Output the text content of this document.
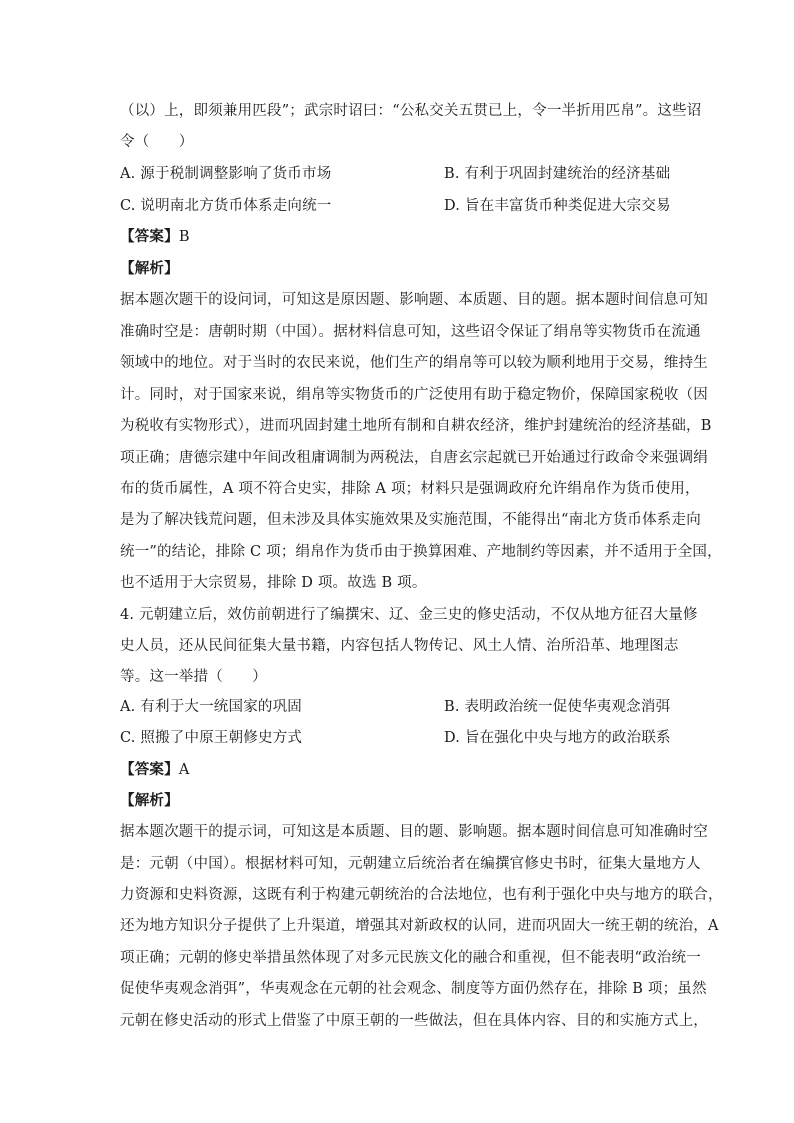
（以）上，即须兼用匹段”；武宗时诏曰：“公私交关五贯已上，令一半折用匹帛”。这些诏
令（　　）
A. 源于税制调整影响了货币市场	B. 有利于巩固封建统治的经济基础
C. 说明南北方货币体系走向统一	D. 旨在丰富货币种类促进大宗交易
【答案】B
【解析】
据本题次题干的设问词，可知这是原因题、影响题、本质题、目的题。据本题时间信息可知
准确时空是：唐朝时期（中国）。据材料信息可知，这些诏令保证了绢帛等实物货币在流通
领域中的地位。对于当时的农民来说，他们生产的绢帛等可以较为顺利地用于交易，维持生
计。同时，对于国家来说，绢帛等实物货币的广泛使用有助于稳定物价，保障国家税收（因
为税收有实物形式），进而巩固封建土地所有制和自耕农经济，维护封建统治的经济基础，B
项正确；唐德宗建中年间改租庸调制为两税法，自唐玄宗起就已开始通过行政命令来强调绢
布的货币属性，A 项不符合史实，排除 A 项；材料只是强调政府允许绢帛作为货币使用，
是为了解决钱荒问题，但未涉及具体实施效果及实施范围，不能得出“南北方货币体系走向
统一”的结论，排除 C 项；绢帛作为货币由于换算困难、产地制约等因素，并不适用于全国，
也不适用于大宗贸易，排除 D 项。故选 B 项。
4. 元朝建立后，效仿前朝进行了编撰宋、辽、金三史的修史活动，不仅从地方征召大量修
史人员，还从民间征集大量书籍，内容包括人物传记、风土人情、治所沿革、地理图志
等。这一举措（　　）
A. 有利于大一统国家的巩固	B. 表明政治统一促使华夷观念消弭
C. 照搬了中原王朝修史方式	D. 旨在强化中央与地方的政治联系
【答案】A
【解析】
据本题次题干的提示词，可知这是本质题、目的题、影响题。据本题时间信息可知准确时空
是：元朝（中国）。根据材料可知，元朝建立后统治者在编撰官修史书时，征集大量地方人
力资源和史料资源，这既有利于构建元朝统治的合法地位，也有利于强化中央与地方的联合，
还为地方知识分子提供了上升渠道，增强其对新政权的认同，进而巩固大一统王朝的统治，A
项正确；元朝的修史举措虽然体现了对多元民族文化的融合和重视，但不能表明“政治统一
促使华夷观念消弭”，华夷观念在元朝的社会观念、制度等方面仍然存在，排除 B 项；虽然
元朝在修史活动的形式上借鉴了中原王朝的一些做法，但在具体内容、目的和实施方式上，
